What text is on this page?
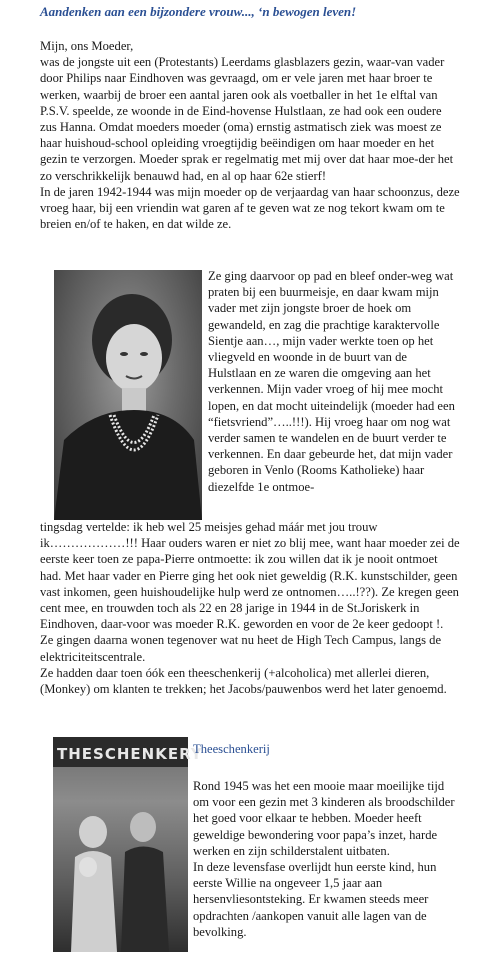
Aandenken aan een bijzondere vrouw..., ‘n bewogen leven!

Mijn, ons Moeder,

was de jongste uit een (Protestants) Leerdams glasblazers gezin, waar-van vader door Philips naar Eindhoven was gevraagd, om er vele jaren met haar broer te werken, waarbij de broer een aantal jaren ook als voetballer in het 1e elftal van P.S.V. speelde, ze woonde in de Eind-hovense Hulstlaan, ze had ook een oudere zus Hanna. Omdat moeders moeder (oma) ernstig astmatisch ziek was moest ze haar huishoud-school opleiding vroegtijdig beëindigen om haar moeder en het gezin te verzorgen. Moeder sprak er regelmatig met mij over dat haar moe-der het zo verschrikkelijk benauwd had, en al op haar 62e stierf!

In de jaren 1942-1944 was mijn moeder op de verjaardag van haar schoonzus, deze vroeg haar, bij een vriendin wat garen af te geven wat ze nog tekort kwam om te breien en/of te haken, en dat wilde ze.

Ze ging daarvoor op pad en bleef onder-weg wat praten bij een buurmeisje, en daar kwam mijn vader met zijn jongste broer de hoek om gewandeld, en zag die prachtige karaktervolle Sientje aan…, mijn vader werkte toen op het vliegveld en woonde in de buurt van de Hulstlaan en ze waren die omgeving aan het verkennen. Mijn vader vroeg of hij mee mocht lopen, en dat mocht uiteindelijk (moeder had een “fietsvriend”…..!!!). Hij vroeg haar om nog wat verder samen te wandelen en de buurt verder te verkennen. En daar gebeurde het, dat mijn vader geboren in Venlo (Rooms Katholieke) haar diezelfde 1e ontmoe-

tingsdag vertelde: ik heb wel 25 meisjes gehad máár met jou trouw ik………………!!! Haar ouders waren er niet zo blij mee, want haar moeder zei de eerste keer toen ze papa-Pierre ontmoette: ik zou willen dat ik je nooit ontmoet had. Met haar vader en Pierre ging het ook niet geweldig (R.K. kunstschilder, geen vast inkomen, geen huishoudelijke hulp werd ze ontnomen…..!??). Ze kregen geen cent mee, en trouwden toch als 22 en 28 jarige in 1944 in de St.Joriskerk in Eindhoven, daar-voor was moeder R.K. geworden en voor de 2e keer gedoopt !.

Ze gingen daarna wonen tegenover wat nu heet de High Tech Campus, langs de elektriciteitscentrale.

Ze hadden daar toen óók een theeschenkerij (+alcoholica) met allerlei dieren, (Monkey) om klanten te trekken; het Jacobs/pauwenbos werd het later genoemd.

THESCHENKERY
Theeschenkerij

Rond 1945 was het een mooie maar moeilijke tijd om voor een gezin met 3 kinderen als broodschilder het goed voor elkaar te hebben. Moeder heeft geweldige bewondering voor papa’s inzet, harde werken en zijn schilderstalent uitbaten.

In deze levensfase overlijdt hun eerste kind, hun eerste Willie na ongeveer 1,5 jaar aan hersenvliesontsteking. Er kwamen steeds meer opdrachten /aankopen vanuit alle lagen van de bevolking.
